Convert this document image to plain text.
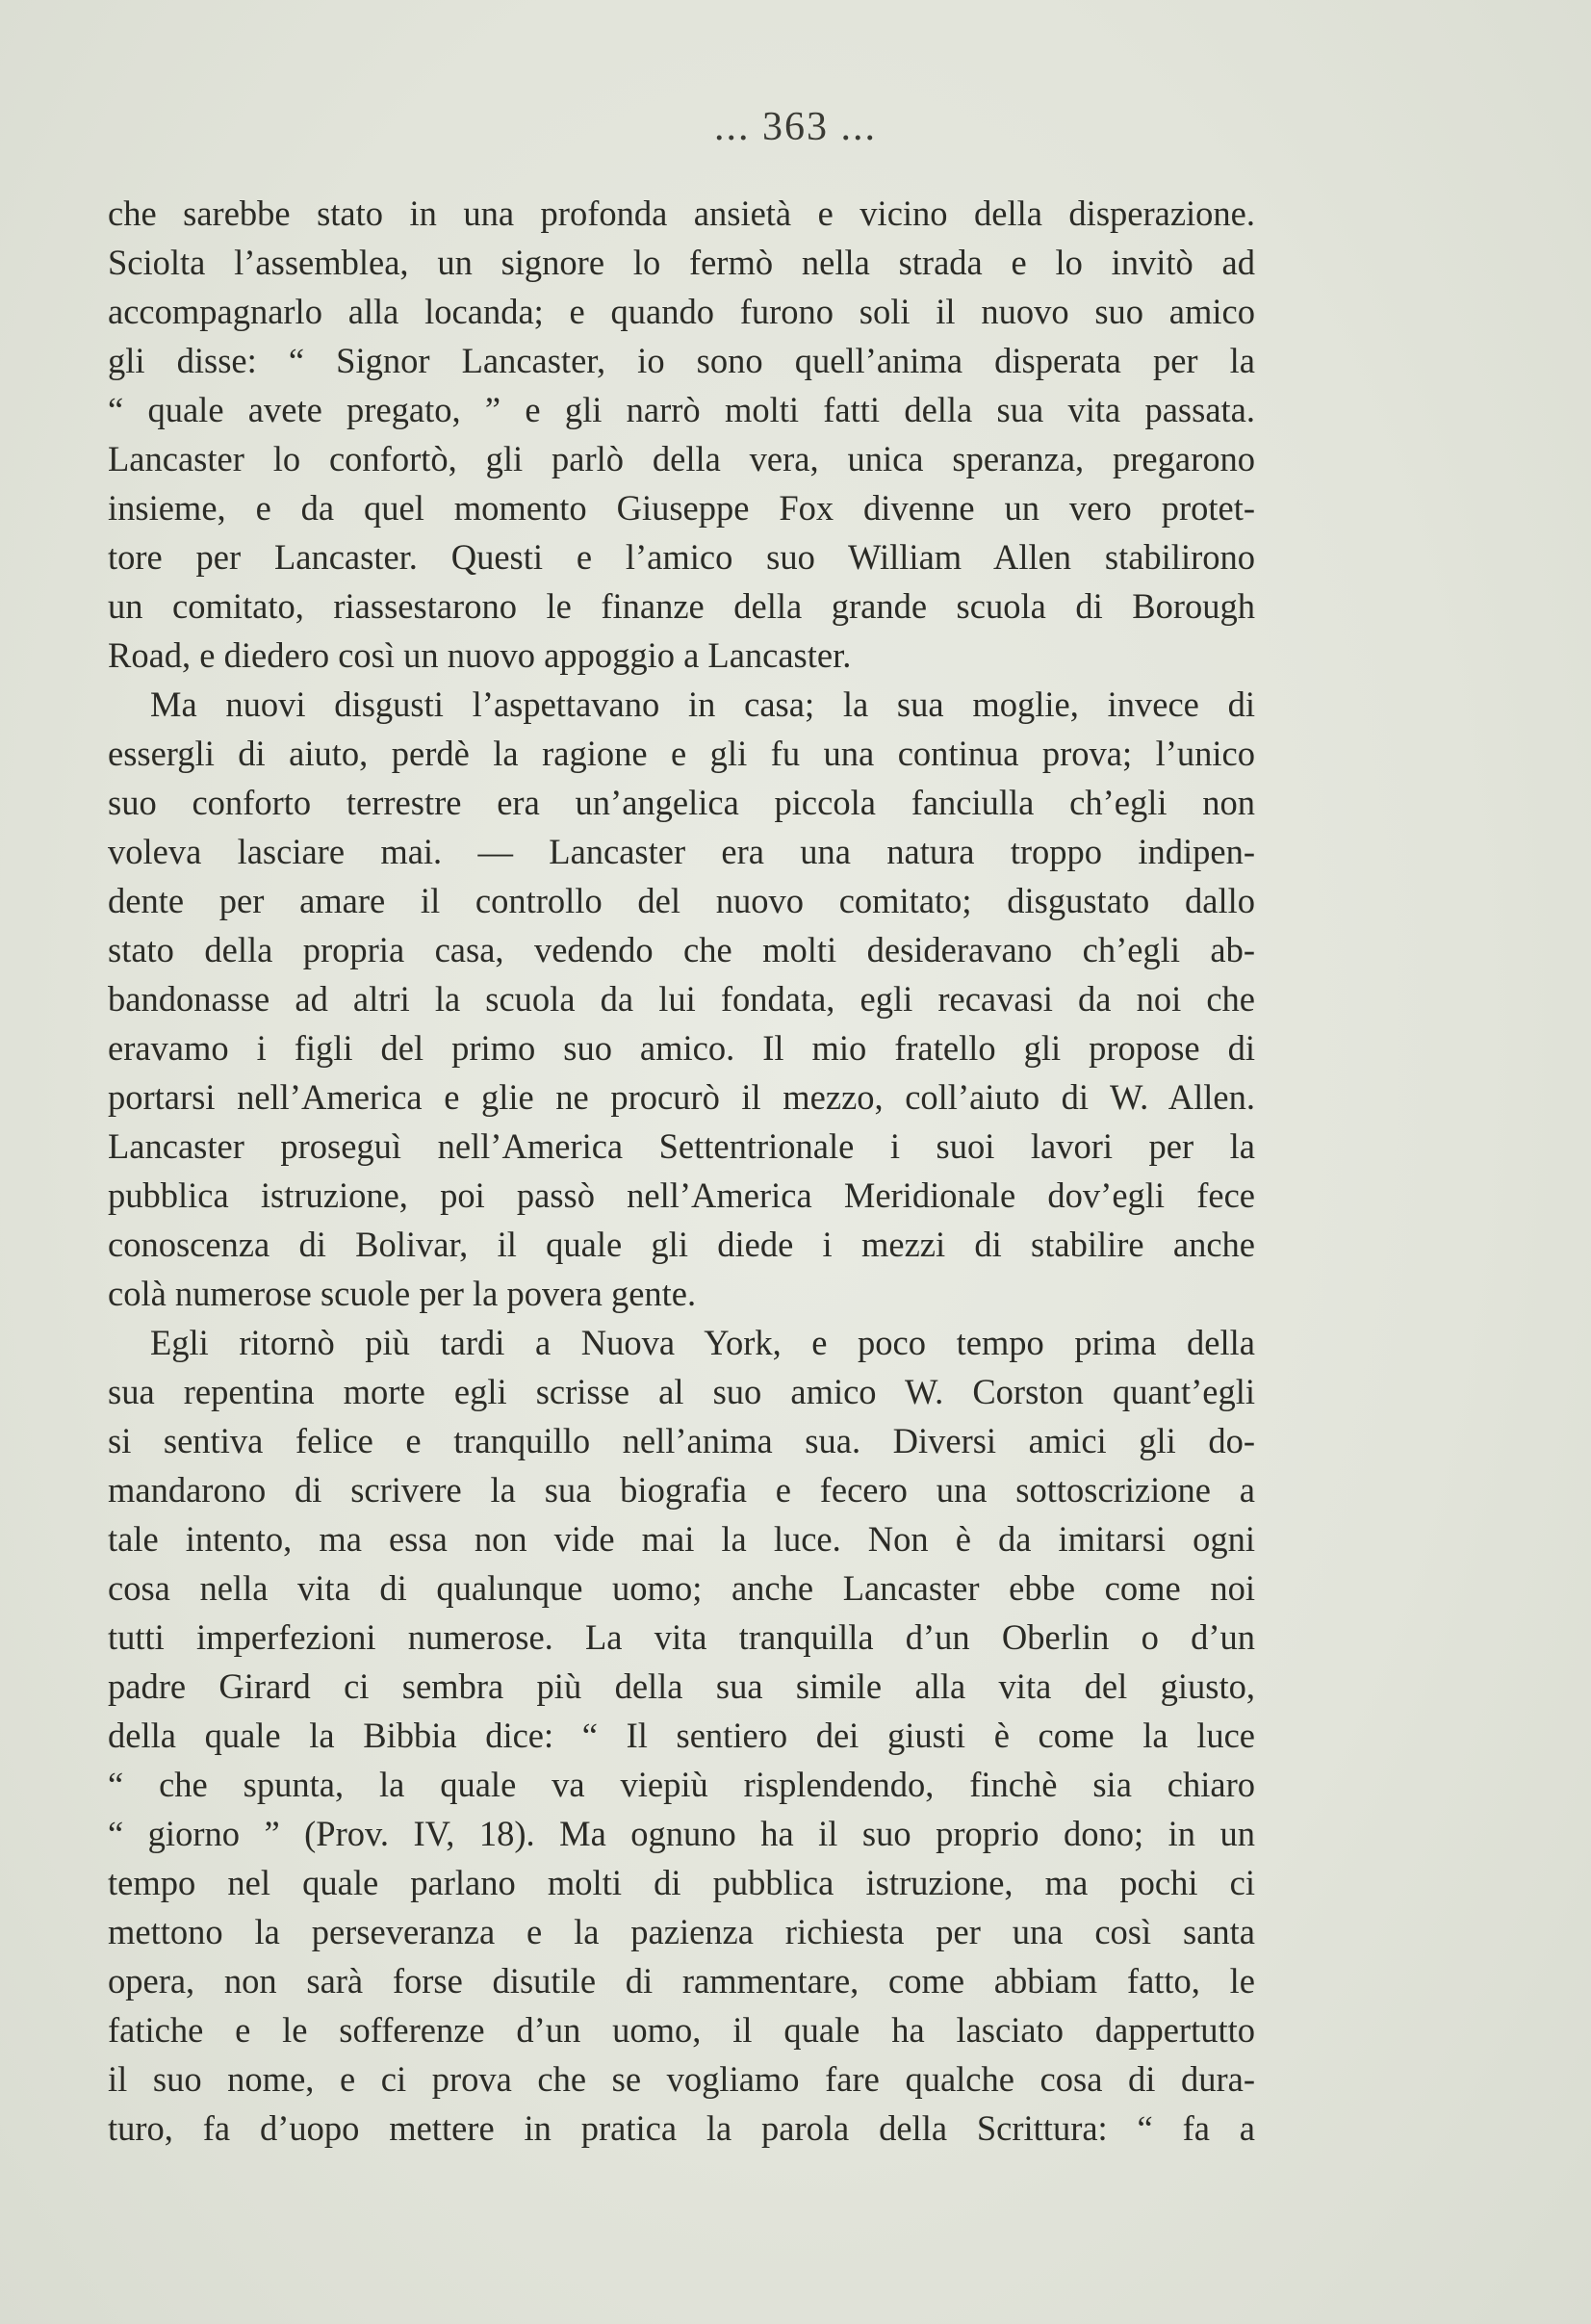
... 363 ...
che sarebbe stato in una profonda ansietà e vicino della disperazione.
Sciolta l’assemblea, un signore lo fermò nella strada e lo invitò ad
accompagnarlo alla locanda; e quando furono soli il nuovo suo amico
gli disse: “ Signor Lancaster, io sono quell’anima disperata per la
“ quale avete pregato, ” e gli narrò molti fatti della sua vita passata.
Lancaster lo confortò, gli parlò della vera, unica speranza, pregarono
insieme, e da quel momento Giuseppe Fox divenne un vero protet-
tore per Lancaster. Questi e l’amico suo William Allen stabilirono
un comitato, riassestarono le finanze della grande scuola di Borough
Road, e diedero così un nuovo appoggio a Lancaster.
Ma nuovi disgusti l’aspettavano in casa; la sua moglie, invece di
essergli di aiuto, perdè la ragione e gli fu una continua prova; l’unico
suo conforto terrestre era un’angelica piccola fanciulla ch’egli non
voleva lasciare mai. — Lancaster era una natura troppo indipen-
dente per amare il controllo del nuovo comitato; disgustato dallo
stato della propria casa, vedendo che molti desideravano ch’egli ab-
bandonasse ad altri la scuola da lui fondata, egli recavasi da noi che
eravamo i figli del primo suo amico. Il mio fratello gli propose di
portarsi nell’America e glie ne procurò il mezzo, coll’aiuto di W. Allen.
Lancaster proseguì nell’America Settentrionale i suoi lavori per la
pubblica istruzione, poi passò nell’America Meridionale dov’egli fece
conoscenza di Bolivar, il quale gli diede i mezzi di stabilire anche
colà numerose scuole per la povera gente.
Egli ritornò più tardi a Nuova York, e poco tempo prima della
sua repentina morte egli scrisse al suo amico W. Corston quant’egli
si sentiva felice e tranquillo nell’anima sua. Diversi amici gli do-
mandarono di scrivere la sua biografia e fecero una sottoscrizione a
tale intento, ma essa non vide mai la luce. Non è da imitarsi ogni
cosa nella vita di qualunque uomo; anche Lancaster ebbe come noi
tutti imperfezioni numerose. La vita tranquilla d’un Oberlin o d’un
padre Girard ci sembra più della sua simile alla vita del giusto,
della quale la Bibbia dice: “ Il sentiero dei giusti è come la luce
“ che spunta, la quale va viepiù risplendendo, finchè sia chiaro
“ giorno ” (Prov. IV, 18). Ma ognuno ha il suo proprio dono; in un
tempo nel quale parlano molti di pubblica istruzione, ma pochi ci
mettono la perseveranza e la pazienza richiesta per una così santa
opera, non sarà forse disutile di rammentare, come abbiam fatto, le
fatiche e le sofferenze d’un uomo, il quale ha lasciato dappertutto
il suo nome, e ci prova che se vogliamo fare qualche cosa di dura-
turo, fa d’uopo mettere in pratica la parola della Scrittura: “ fa a
